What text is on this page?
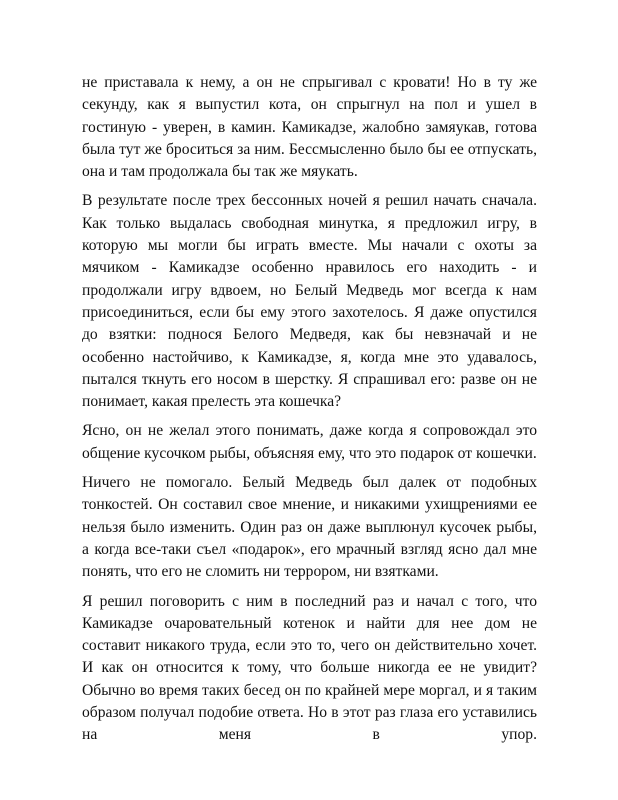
не приставала к нему, а он не спрыгивал с кровати! Но в ту же секунду, как я выпустил кота, он спрыгнул на пол и ушел в гостиную - уверен, в камин. Камикадзе, жалобно замяукав, готова была тут же броситься за ним. Бессмысленно было бы ее отпускать, она и там продолжала бы так же мяукать.

В результате после трех бессонных ночей я решил начать сначала. Как только выдалась свободная минутка, я предложил игру, в которую мы могли бы играть вместе. Мы начали с охоты за мячиком - Камикадзе особенно нравилось его находить - и продолжали игру вдвоем, но Белый Медведь мог всегда к нам присоединиться, если бы ему этого захотелось. Я даже опустился до взятки: поднося Белого Медведя, как бы невзначай и не особенно настойчиво, к Камикадзе, я, когда мне это удавалось, пытался ткнуть его носом в шерстку. Я спрашивал его: разве он не понимает, какая прелесть эта кошечка?

Ясно, он не желал этого понимать, даже когда я сопровождал это общение кусочком рыбы, объясняя ему, что это подарок от кошечки.

Ничего не помогало. Белый Медведь был далек от подобных тонкостей. Он составил свое мнение, и никакими ухищрениями ее нельзя было изменить. Один раз он даже выплюнул кусочек рыбы, а когда все-таки съел «подарок», его мрачный взгляд ясно дал мне понять, что его не сломить ни террором, ни взятками.

Я решил поговорить с ним в последний раз и начал с того, что Камикадзе очаровательный котенок и найти для нее дом не составит никакого труда, если это то, чего он действительно хочет. И как он относится к тому, что больше никогда ее не увидит? Обычно во время таких бесед он по крайней мере моргал, и я таким образом получал подобие ответа. Но в этот раз глаза его уставились на меня в упор.
